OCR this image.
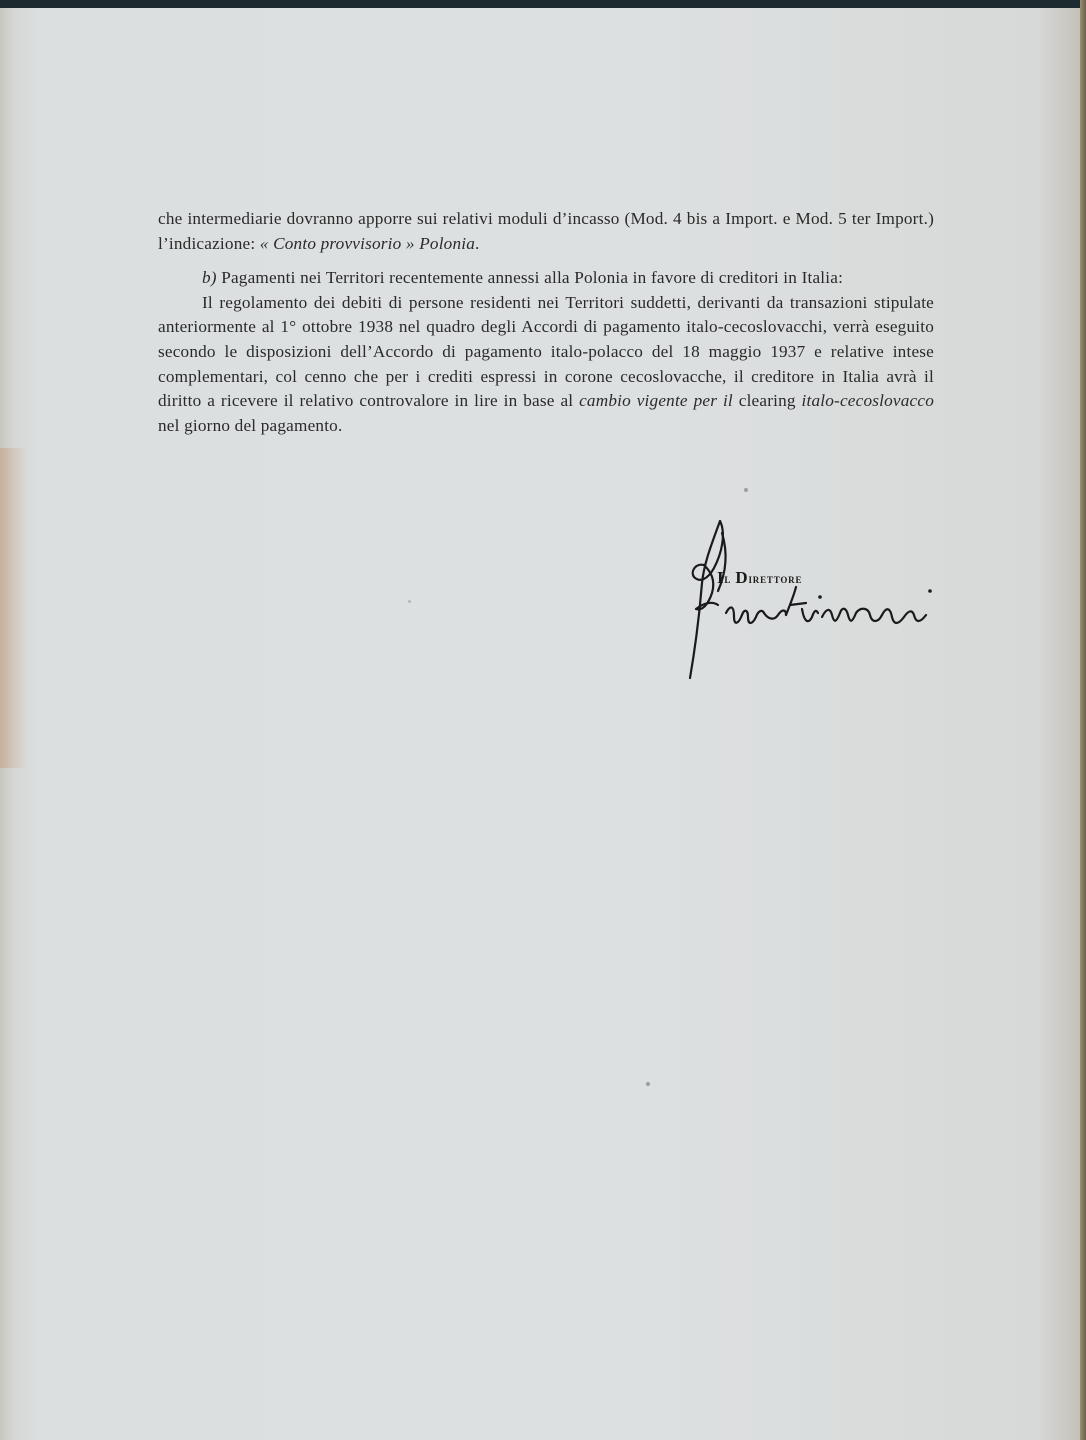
che intermediarie dovranno apporre sui relativi moduli d’incasso (Mod. 4 bis a Import. e Mod. 5 ter Import.) l’indicazione: « Conto provvisorio » Polonia.

b) Pagamenti nei Territori recentemente annessi alla Polonia in favore di creditori in Italia:

Il regolamento dei debiti di persone residenti nei Territori suddetti, derivanti da transazioni stipulate anteriormente al 1° ottobre 1938 nel quadro degli Accordi di pagamento italo-cecoslovacchi, verrà eseguito secondo le disposizioni dell’Accordo di pagamento italo-polacco del 18 maggio 1937 e relative intese complementari, col cenno che per i crediti espressi in corone cecoslovacche, il creditore in Italia avrà il diritto a ricevere il relativo controvalore in lire in base al cambio vigente per il clearing italo-cecoslovacco nel giorno del pagamento.

Il Direttore
